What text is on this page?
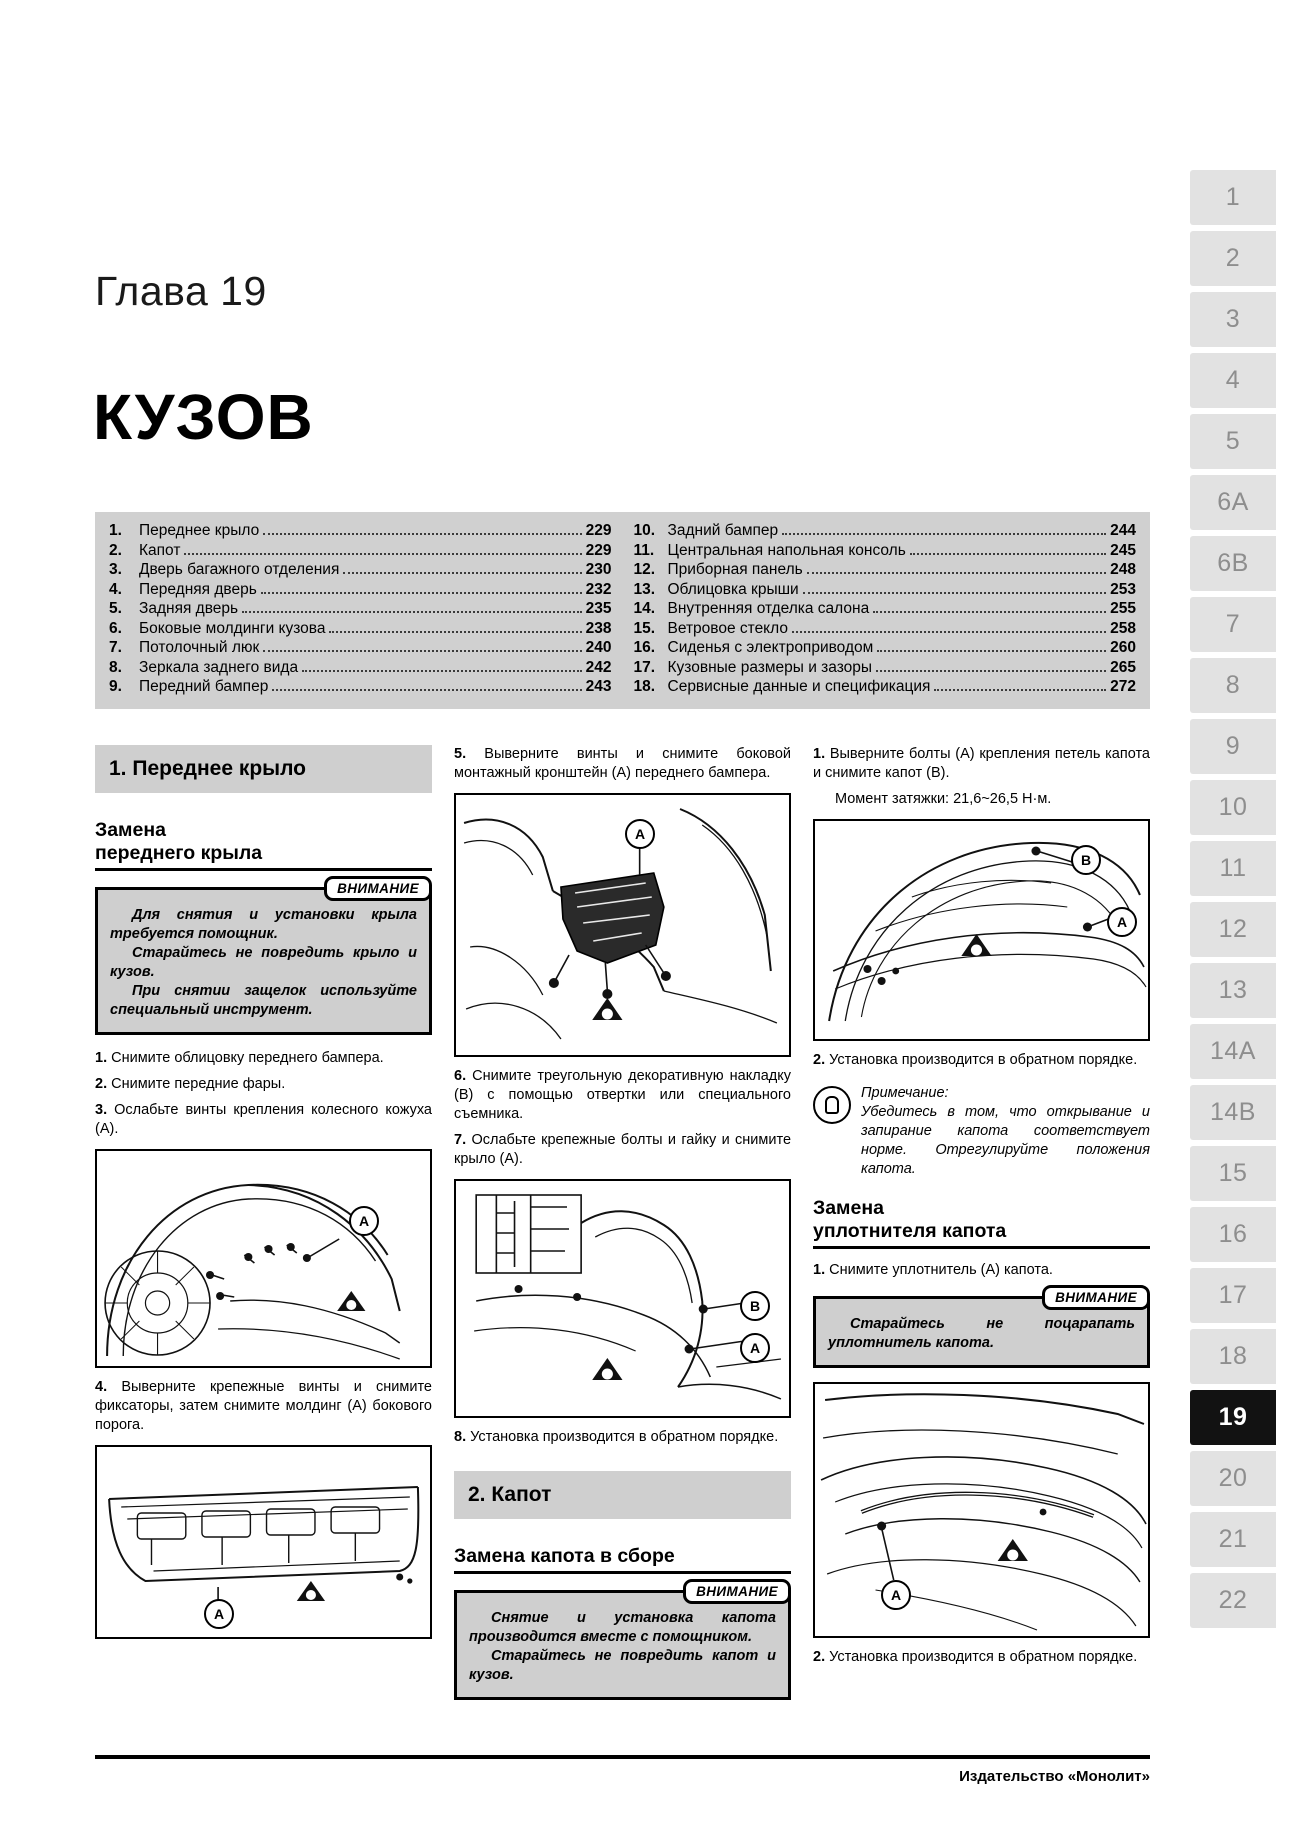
1
2
3
4
5
6A
6B
7
8
9
10
11
12
13
14A
14B
15
16
17
18
19
20
21
22
Глава 19
КУЗОВ
1.	Переднее крыло	229
2.	Капот	229
3.	Дверь багажного отделения	230
4.	Передняя дверь	232
5.	Задняя дверь	235
6.	Боковые молдинги кузова	238
7.	Потолочный люк	240
8.	Зеркала заднего вида	242
9.	Передний бампер	243
10. Задний бампер	244
11. Центральная напольная консоль	245
12. Приборная панель	248
13. Облицовка крыши	253
14. Внутренняя отделка салона	255
15. Ветровое стекло	258
16. Сиденья с электроприводом	260
17. Кузовные размеры и зазоры	265
18. Сервисные данные и спецификация	272
1. Переднее крыло
Замена
переднего крыла
ВНИМАНИЕ

Для снятия и установки крыла требуется помощник.

Старайтесь не повредить крыло и кузов.

При снятии защелок используйте специальный инструмент.

1. Снимите облицовку переднего бампера.

2. Снимите передние фары.

3. Ослабьте винты крепления колесного кожуха (A).

A

4. Выверните крепежные винты и снимите фиксаторы, затем снимите молдинг (A) бокового порога.

A

5. Выверните винты и снимите боковой монтажный кронштейн (A) переднего бампера.

A

6. Снимите треугольную декоративную накладку (B) с помощью отвертки или специального съемника.

7. Ослабьте крепежные болты и гайку и снимите крыло (A).

B
A

8. Установка производится в обратном порядке.

2. Капот
Замена капота в сборе
ВНИМАНИЕ

Снятие и установка капота производится вместе с помощником.

Старайтесь не повредить капот и кузов.

1. Выверните болты (A) крепления петель капота и снимите капот (B).

Момент затяжки: 21,6~26,5 Н·м.

B
A

2. Установка производится в обратном порядке.

Примечание:
Убедитесь в том, что открывание и запирание капота соответствует норме. Отрегулируйте положения капота.
Замена
уплотнителя капота

1. Снимите уплотнитель (A) капота.

ВНИМАНИЕ

Старайтесь не поцарапать уплотнитель капота.

A

2. Установка производится в обратном порядке.

Издательство «Монолит»
